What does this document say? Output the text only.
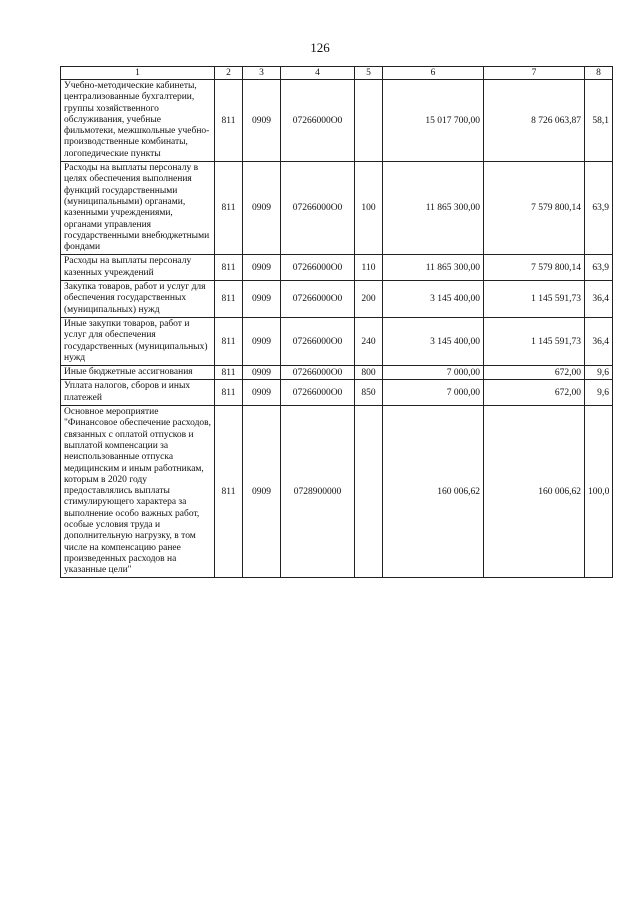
126
1	2	3	4	5	6	7	8
Учебно-методические кабинеты, централизованные бухгалтерии, группы хозяйственного обслуживания, учебные фильмотеки, межшкольные учебно-производственные комбинаты, логопедические пункты	811	0909	07266000О0		15 017 700,00	8 726 063,87	58,1
Расходы на выплаты персоналу в целях обеспечения выполнения функций государственными (муниципальными) органами, казенными учреждениями, органами управления государственными внебюджетными фондами	811	0909	07266000О0	100	11 865 300,00	7 579 800,14	63,9
Расходы на выплаты персоналу казенных учреждений	811	0909	07266000О0	110	11 865 300,00	7 579 800,14	63,9
Закупка товаров, работ и услуг для обеспечения государственных (муниципальных) нужд	811	0909	07266000О0	200	3 145 400,00	1 145 591,73	36,4
Иные закупки товаров, работ и услуг для обеспечения государственных (муниципальных) нужд	811	0909	07266000О0	240	3 145 400,00	1 145 591,73	36,4
Иные бюджетные ассигнования	811	0909	07266000О0	800	7 000,00	672,00	9,6
Уплата налогов, сборов и иных платежей	811	0909	07266000О0	850	7 000,00	672,00	9,6
Основное мероприятие "Финансовое обеспечение расходов, связанных с оплатой отпусков и выплатой компенсации за неиспользованные отпуска медицинским и иным работникам, которым в 2020 году предоставлялись выплаты стимулирующего характера за выполнение особо важных работ, особые условия труда и дополнительную нагрузку, в том числе на компенсацию ранее произведенных расходов на указанные цели"	811	0909	0728900000		160 006,62	160 006,62	100,0
